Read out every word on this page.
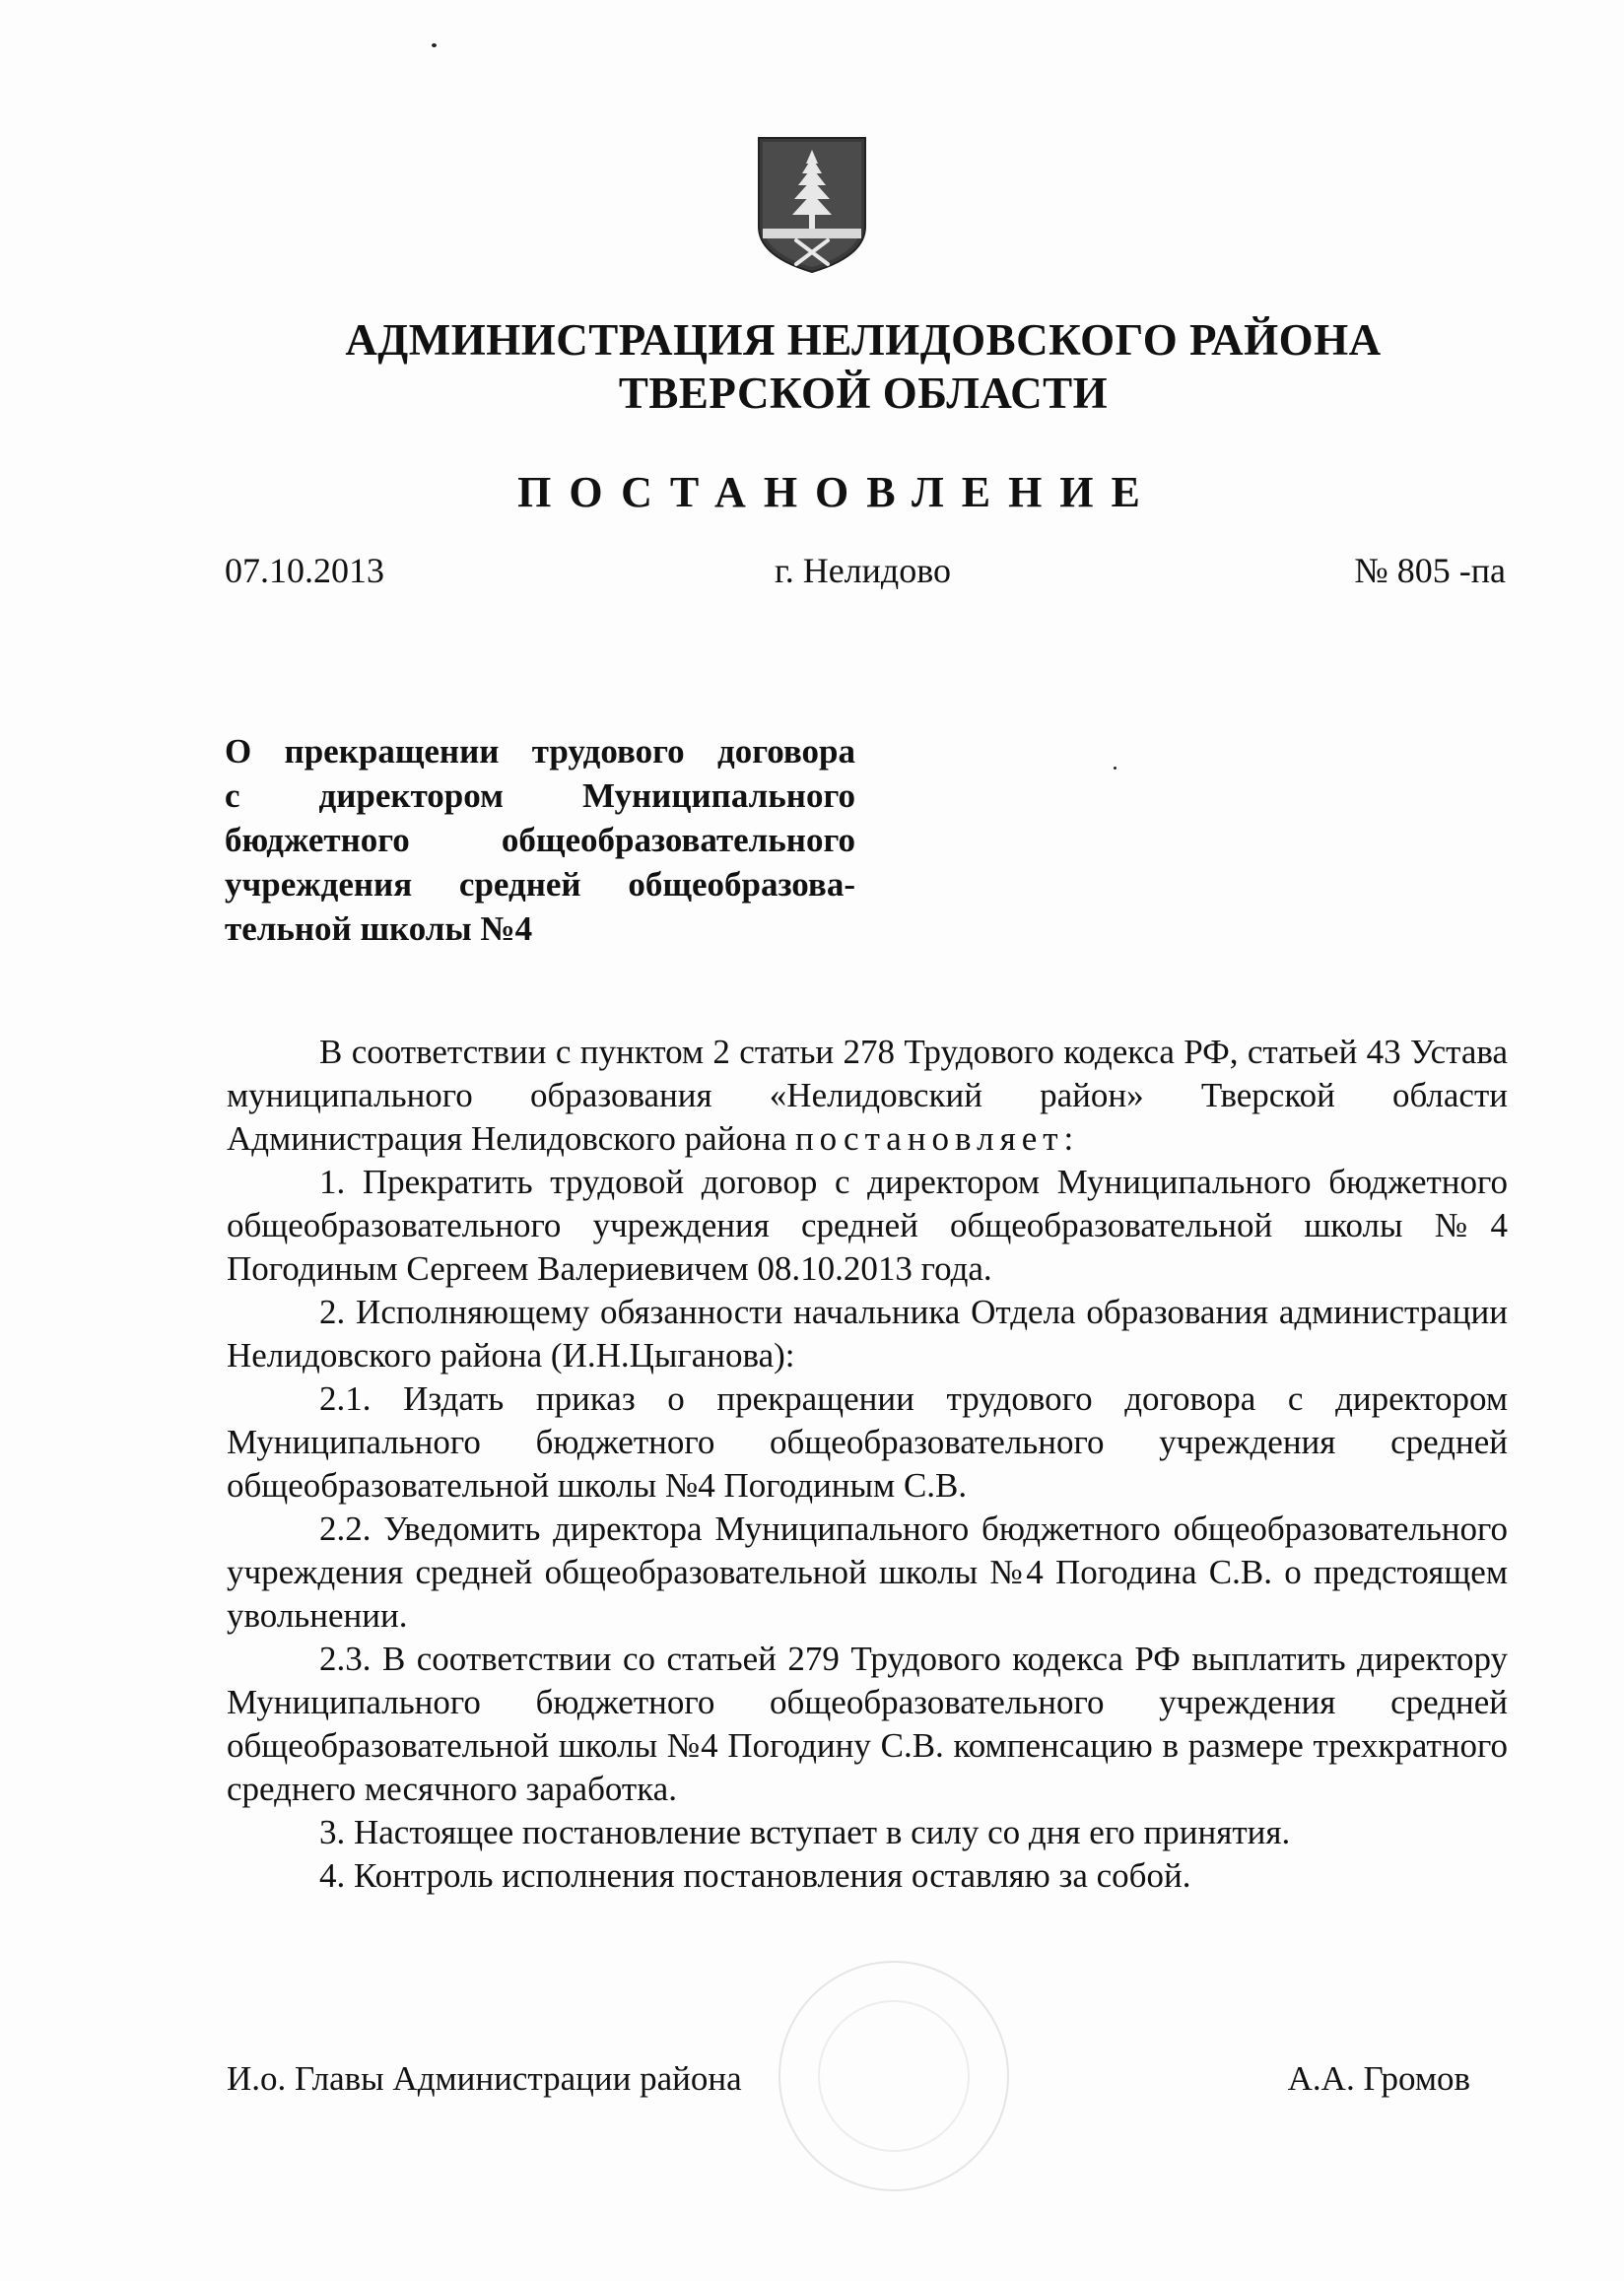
АДМИНИСТРАЦИЯ НЕЛИДОВСКОГО РАЙОНА
ТВЕРСКОЙ ОБЛАСТИ
ПОСТАНОВЛЕНИЕ
07.10.2013	г. Нелидово	№ 805 -па
О прекращении трудового договора
с директором Муниципального
бюджетного общеобразовательного
учреждения средней общеобразова-
тельной школы №4

В соответствии с пунктом 2 статьи 278 Трудового кодекса РФ, статьей 43 Устава муниципального образования «Нелидовский район» Тверской области Администрация Нелидовского района постановляет:

1. Прекратить трудовой договор с директором Муниципального бюджетного общеобразовательного учреждения средней общеобразовательной школы №4 Погодиным Сергеем Валериевичем 08.10.2013 года.

2. Исполняющему обязанности начальника Отдела образования администрации Нелидовского района (И.Н.Цыганова):

2.1. Издать приказ о прекращении трудового договора с директором Муниципального бюджетного общеобразовательного учреждения средней общеобразовательной школы №4 Погодиным С.В.

2.2. Уведомить директора Муниципального бюджетного общеобразовательного учреждения средней общеобразовательной школы №4 Погодина С.В. о предстоящем увольнении.

2.3. В соответствии со статьей 279 Трудового кодекса РФ выплатить директору Муниципального бюджетного общеобразовательного учреждения средней общеобразовательной школы №4 Погодину С.В. компенсацию в размере трехкратного среднего месячного заработка.

3. Настоящее постановление вступает в силу со дня его принятия.

4. Контроль исполнения постановления оставляю за собой.

И.о. Главы Администрации района	А.А. Громов
